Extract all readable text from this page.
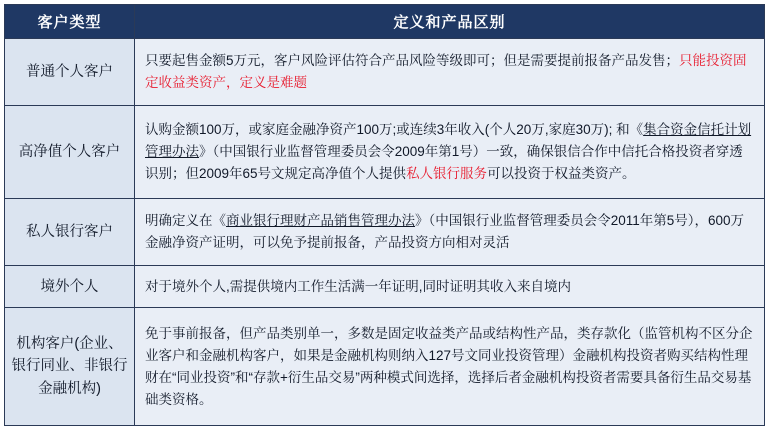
客户类型	定义和产品区别
普通个人客户	只要起售金额5万元，客户风险评估符合产品风险等级即可；但是需要提前报备产品发售；只能投资固定收益类资产，定义是难题
高净值个人客户	认购金额100万，或家庭金融净资产100万;或连续3年收入(个人20万,家庭30万); 和《集合资金信托计划管理办法》（中国银行业监督管理委员会令2009年第1号）一致，确保银信合作中信托合格投资者穿透识别；但2009年65号文规定高净值个人提供私人银行服务可以投资于权益类资产。
私人银行客户	明确定义在《商业银行理财产品销售管理办法》（中国银行业监督管理委员会令2011年第5号），600万金融净资产证明，可以免予提前报备，产品投资方向相对灵活
境外个人	对于境外个人,需提供境内工作生活满一年证明,同时证明其收入来自境内
机构客户(企业、银行同业、非银行金融机构)	免于事前报备，但产品类别单一，多数是固定收益类产品或结构性产品，类存款化（监管机构不区分企业客户和金融机构客户，如果是金融机构则纳入127号文同业投资管理）金融机构投资者购买结构性理财在“同业投资”和“存款+衍生品交易”两种模式间选择，选择后者金融机构投资者需要具备衍生品交易基础类资格。
